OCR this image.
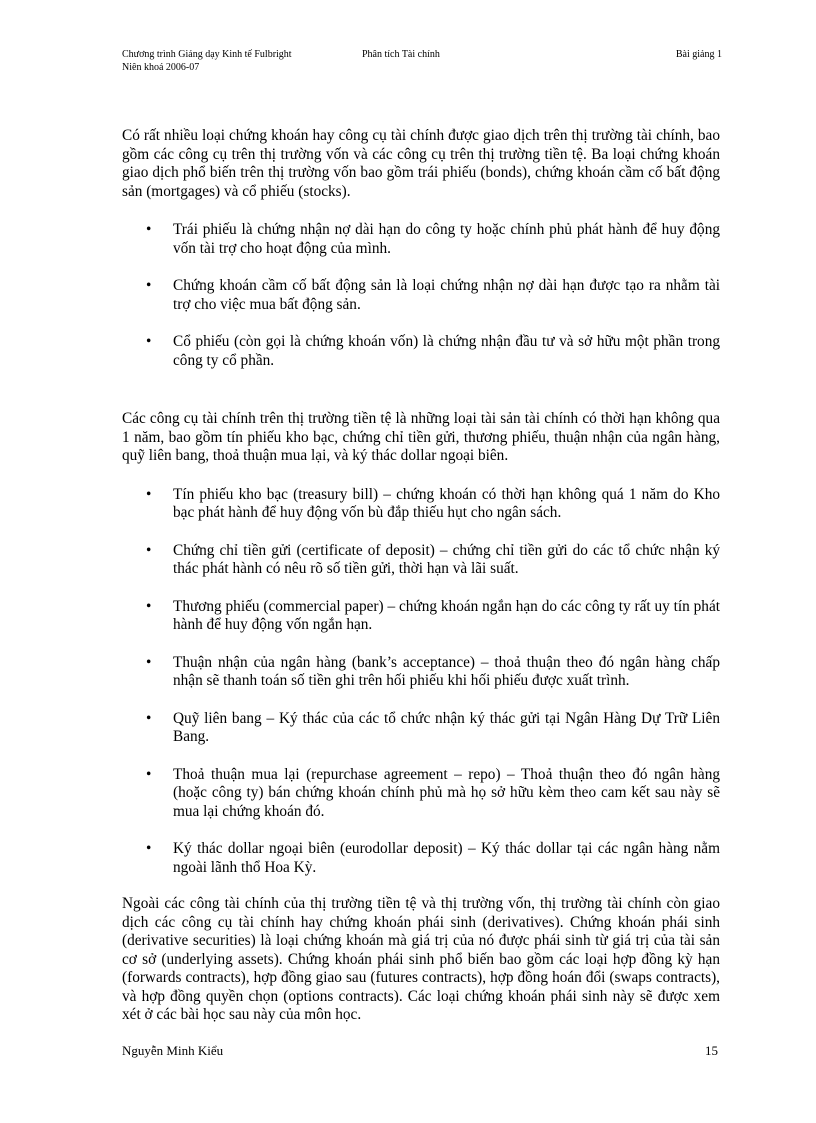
Chương trình Giảng dạy Kinh tế Fulbright	Phân tích Tài chính	Bài giảng 1
Niên khoá 2006-07

Có rất nhiều loại chứng khoán hay công cụ tài chính được giao dịch trên thị trường tài chính, bao gồm các công cụ trên thị trường vốn và các công cụ trên thị trường tiền tệ. Ba loại chứng khoán giao dịch phổ biến trên thị trường vốn bao gồm trái phiếu (bonds), chứng khoán cầm cố bất động sản (mortgages) và cổ phiếu (stocks).

• Trái phiếu là chứng nhận nợ dài hạn do công ty hoặc chính phủ phát hành để huy động vốn tài trợ cho hoạt động của mình.
• Chứng khoán cầm cố bất động sản là loại chứng nhận nợ dài hạn được tạo ra nhằm tài trợ cho việc mua bất động sản.
• Cổ phiếu (còn gọi là chứng khoán vốn) là chứng nhận đầu tư và sở hữu một phần trong công ty cổ phần.

Các công cụ tài chính trên thị trường tiền tệ là những loại tài sản tài chính có thời hạn không qua 1 năm, bao gồm tín phiếu kho bạc, chứng chỉ tiền gửi, thương phiếu, thuận nhận của ngân hàng, quỹ liên bang, thoả thuận mua lại, và ký thác dollar ngoại biên.

• Tín phiếu kho bạc (treasury bill) – chứng khoán có thời hạn không quá 1 năm do Kho bạc phát hành để huy động vốn bù đắp thiếu hụt cho ngân sách.
• Chứng chỉ tiền gửi (certificate of deposit) – chứng chỉ tiền gửi do các tổ chức nhận ký thác phát hành có nêu rõ số tiền gửi, thời hạn và lãi suất.
• Thương phiếu (commercial paper) – chứng khoán ngắn hạn do các công ty rất uy tín phát hành để huy động vốn ngắn hạn.
• Thuận nhận của ngân hàng (bank’s acceptance) – thoả thuận theo đó ngân hàng chấp nhận sẽ thanh toán số tiền ghi trên hối phiếu khi hối phiếu được xuất trình.
• Quỹ liên bang – Ký thác của các tổ chức nhận ký thác gửi tại Ngân Hàng Dự Trữ Liên Bang.
• Thoả thuận mua lại (repurchase agreement – repo) – Thoả thuận theo đó ngân hàng (hoặc công ty) bán chứng khoán chính phủ mà họ sở hữu kèm theo cam kết sau này sẽ mua lại chứng khoán đó.
• Ký thác dollar ngoại biên (eurodollar deposit) – Ký thác dollar tại các ngân hàng nằm ngoài lãnh thổ Hoa Kỳ.

Ngoài các công tài chính của thị trường tiền tệ và thị trường vốn, thị trường tài chính còn giao dịch các công cụ tài chính hay chứng khoán phái sinh (derivatives). Chứng khoán phái sinh (derivative securities) là loại chứng khoán mà giá trị của nó được phái sinh từ giá trị của tài sản cơ sở (underlying assets). Chứng khoán phái sinh phổ biến bao gồm các loại hợp đồng kỳ hạn (forwards contracts), hợp đồng giao sau (futures contracts), hợp đồng hoán đổi (swaps contracts), và hợp đồng quyền chọn (options contracts). Các loại chứng khoán phái sinh này sẽ được xem xét ở các bài học sau này của môn học.

Nguyễn Minh Kiểu	15
